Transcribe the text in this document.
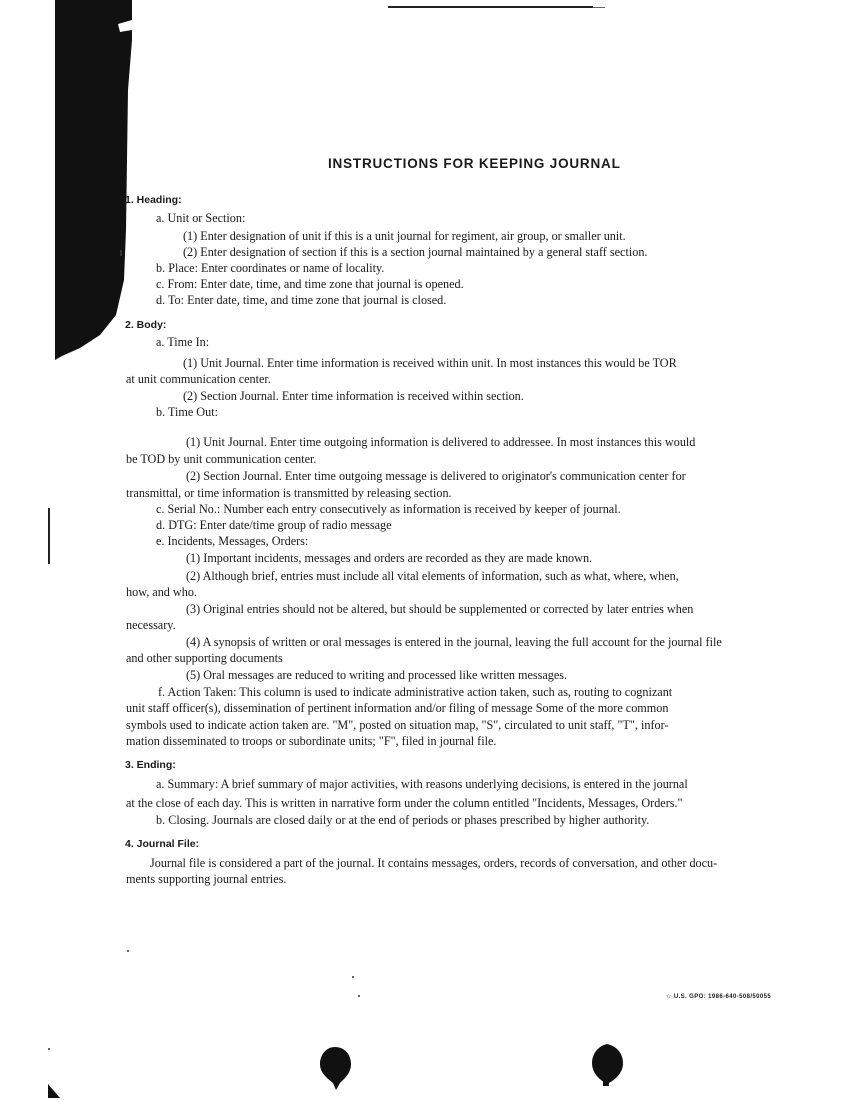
INSTRUCTIONS FOR KEEPING JOURNAL
1. Heading:
a. Unit or Section:
(1) Enter designation of unit if this is a unit journal for regiment, air group, or smaller unit.
(2) Enter designation of section if this is a section journal maintained by a general staff section.
b. Place: Enter coordinates or name of locality.
c. From: Enter date, time, and time zone that journal is opened.
d. To: Enter date, time, and time zone that journal is closed.
2. Body:
a. Time In:
(1) Unit Journal. Enter time information is received within unit. In most instances this would be TOR
at unit communication center.
(2) Section Journal. Enter time information is received within section.
b. Time Out:
(1) Unit Journal. Enter time outgoing information is delivered to addressee. In most instances this would
be TOD by unit communication center.
(2) Section Journal. Enter time outgoing message is delivered to originator's communication center for
transmittal, or time information is transmitted by releasing section.
c. Serial No.: Number each entry consecutively as information is received by keeper of journal.
d. DTG: Enter date/time group of radio message
e. Incidents, Messages, Orders:
(1) Important incidents, messages and orders are recorded as they are made known.
(2) Although brief, entries must include all vital elements of information, such as what, where, when,
how, and who.
(3) Original entries should not be altered, but should be supplemented or corrected by later entries when
necessary.
(4) A synopsis of written or oral messages is entered in the journal, leaving the full account for the journal file
and other supporting documents
(5) Oral messages are reduced to writing and processed like written messages.
f. Action Taken: This column is used to indicate administrative action taken, such as, routing to cognizant
unit staff officer(s), dissemination of pertinent information and/or filing of message Some of the more common
symbols used to indicate action taken are. "M", posted on situation map, "S", circulated to unit staff, "T", infor-
mation disseminated to troops or subordinate units; "F", filed in journal file.
3. Ending:
a. Summary: A brief summary of major activities, with reasons underlying decisions, is entered in the journal
at the close of each day. This is written in narrative form under the column entitled "Incidents, Messages, Orders."
b. Closing. Journals are closed daily or at the end of periods or phases prescribed by higher authority.
4. Journal File:
Journal file is considered a part of the journal. It contains messages, orders, records of conversation, and other docu-
ments supporting journal entries.
☆ U.S. GPO: 1986-640-508/50055
